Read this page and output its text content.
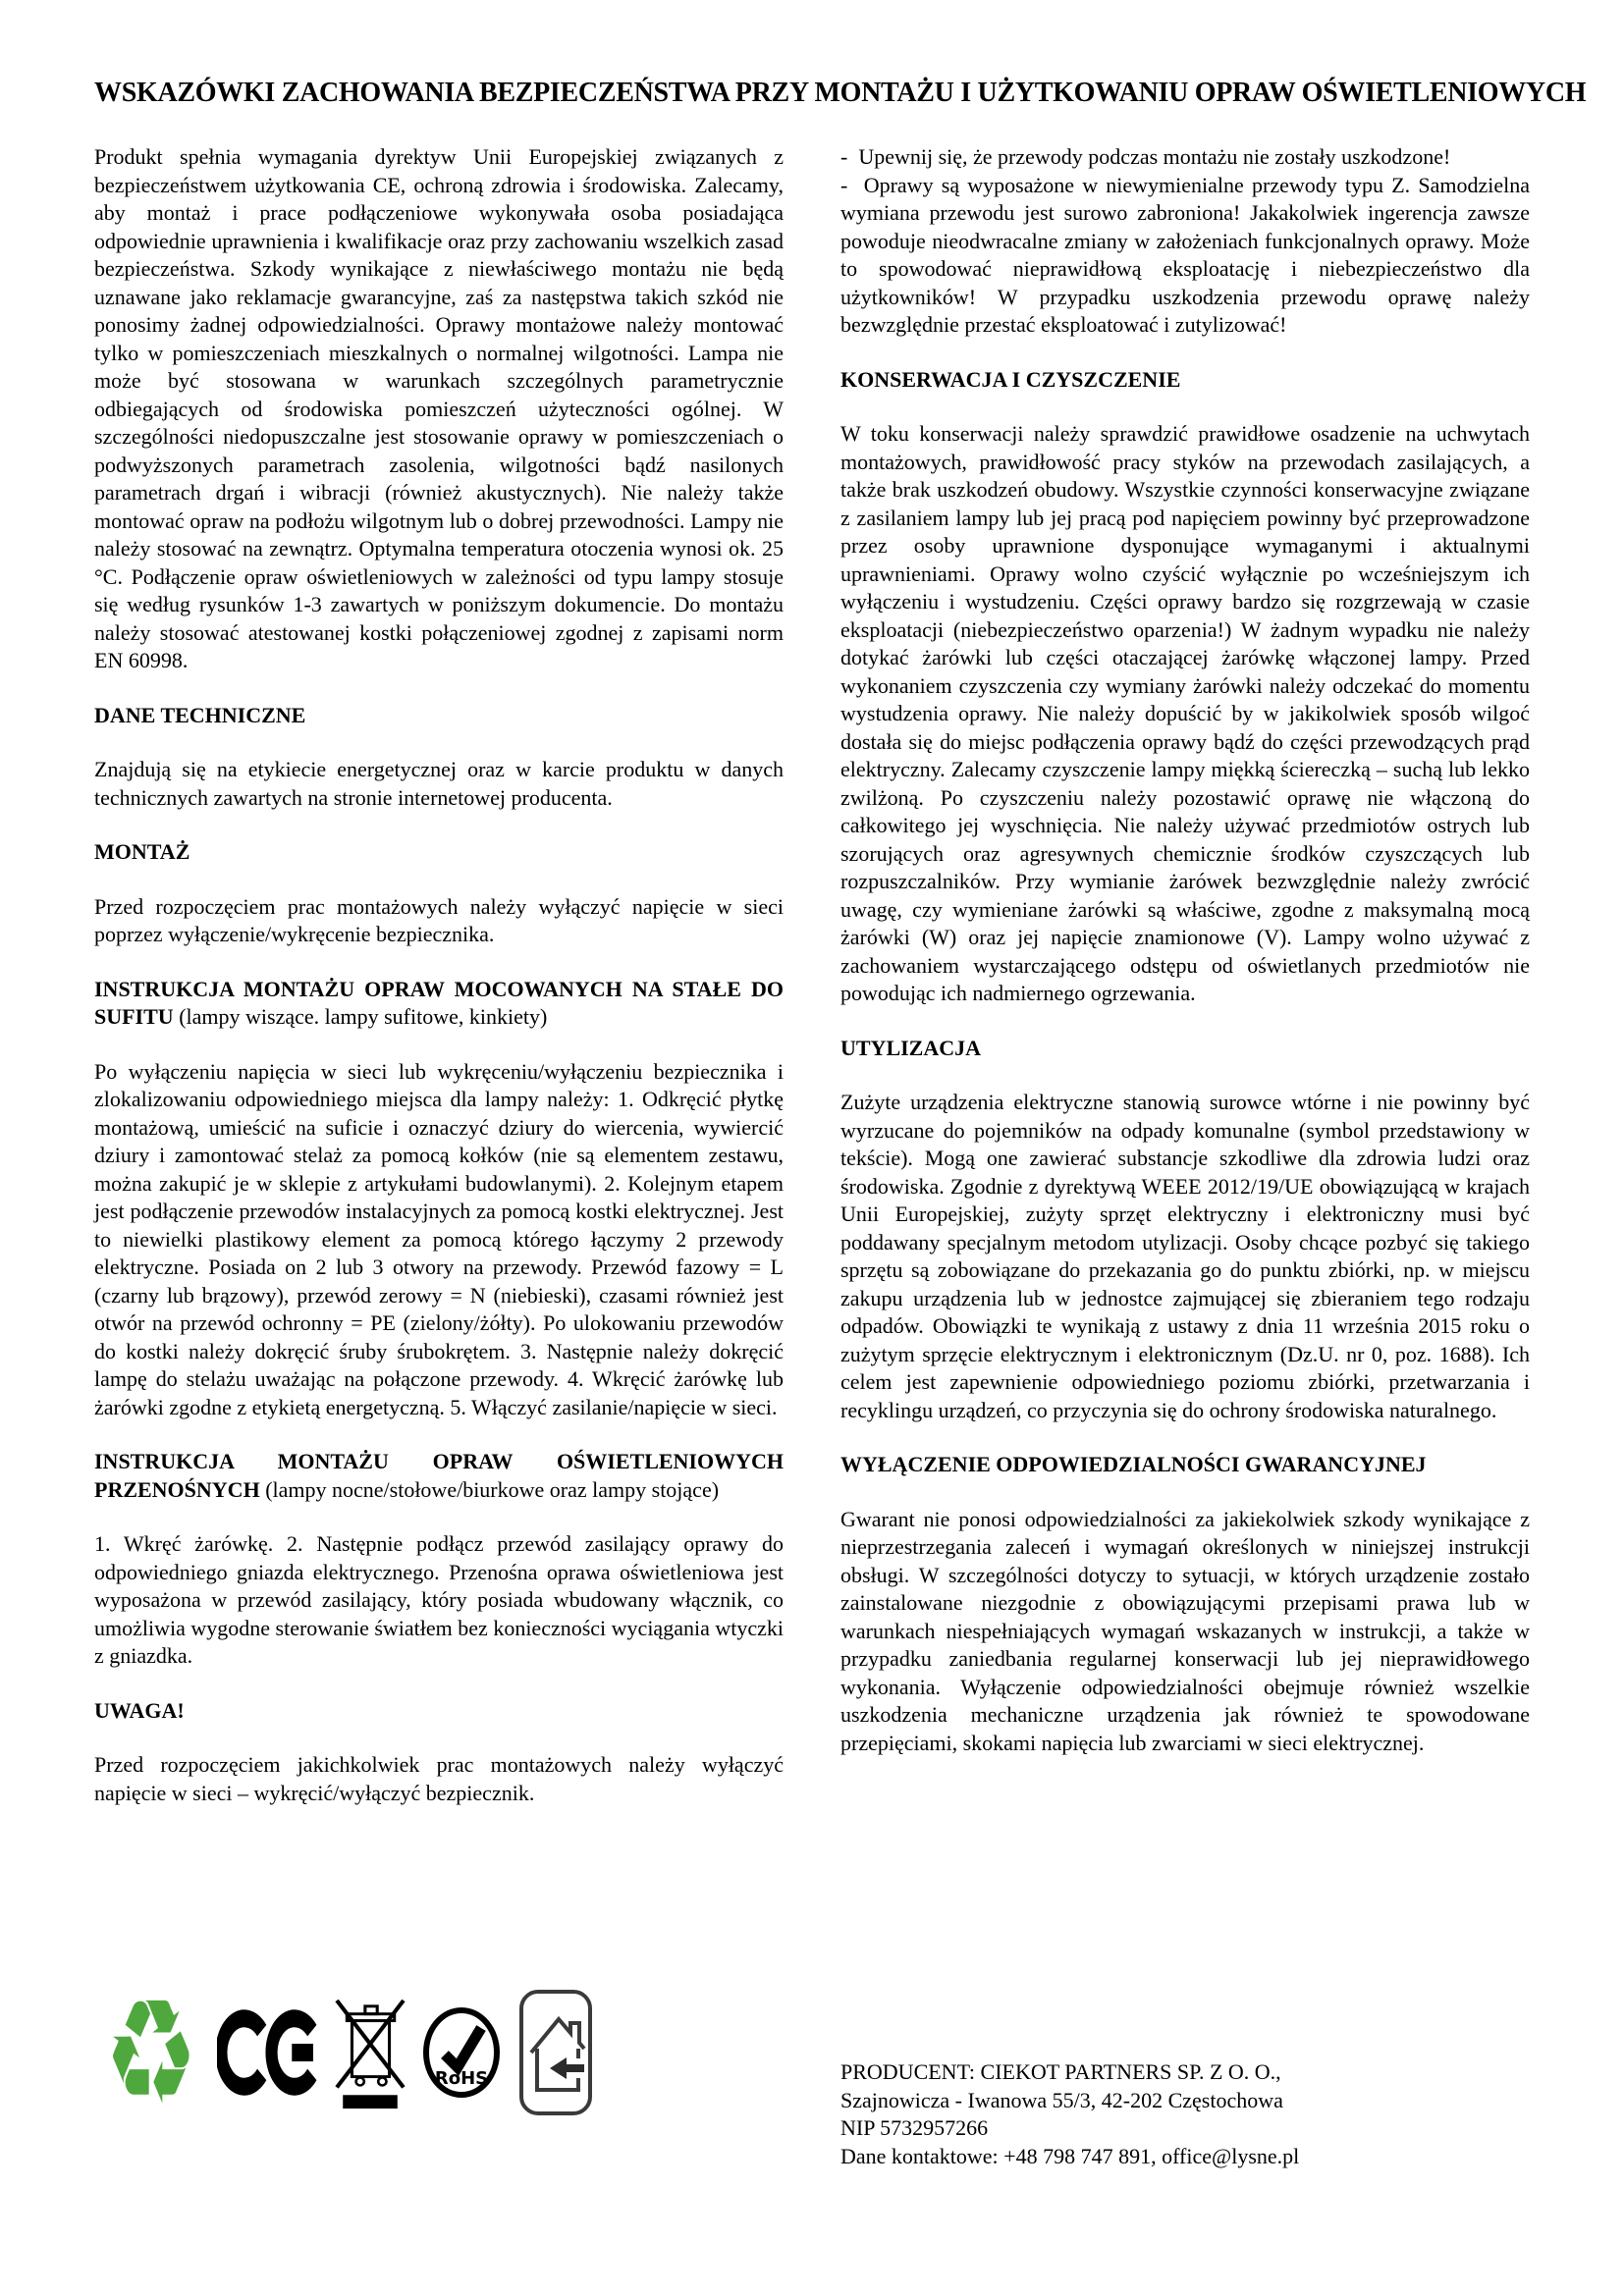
WSKAZÓWKI ZACHOWANIA BEZPIECZEŃSTWA PRZY MONTAŻU I UŻYTKOWANIU OPRAW OŚWIETLENIOWYCH

Produkt spełnia wymagania dyrektyw Unii Europejskiej związanych z bezpieczeństwem użytkowania CE, ochroną zdrowia i środowiska. Zalecamy, aby montaż i prace podłączeniowe wykonywała osoba posiadająca odpowiednie uprawnienia i kwalifikacje oraz przy zachowaniu wszelkich zasad bezpieczeństwa. Szkody wynikające z niewłaściwego montażu nie będą uznawane jako reklamacje gwarancyjne, zaś za następstwa takich szkód nie ponosimy żadnej odpowiedzialności. Oprawy montażowe należy montować tylko w pomieszczeniach mieszkalnych o normalnej wilgotności. Lampa nie może być stosowana w warunkach szczególnych parametrycznie odbiegających od środowiska pomieszczeń użyteczności ogólnej. W szczególności niedopuszczalne jest stosowanie oprawy w pomieszczeniach o podwyższonych parametrach zasolenia, wilgotności bądź nasilonych parametrach drgań i wibracji (również akustycznych). Nie należy także montować opraw na podłożu wilgotnym lub o dobrej przewodności. Lampy nie należy stosować na zewnątrz. Optymalna temperatura otoczenia wynosi ok. 25 °C. Podłączenie opraw oświetleniowych w zależności od typu lampy stosuje się według rysunków 1-3 zawartych w poniższym dokumencie. Do montażu należy stosować atestowanej kostki połączeniowej zgodnej z zapisami norm EN 60998.

DANE TECHNICZNE

Znajdują się na etykiecie energetycznej oraz w karcie produktu w danych technicznych zawartych na stronie internetowej producenta.

MONTAŻ

Przed rozpoczęciem prac montażowych należy wyłączyć napięcie w sieci poprzez wyłączenie/wykręcenie bezpiecznika.

INSTRUKCJA MONTAŻU OPRAW MOCOWANYCH NA STAŁE DO SUFITU (lampy wiszące. lampy sufitowe, kinkiety)

Po wyłączeniu napięcia w sieci lub wykręceniu/wyłączeniu bezpiecznika i zlokalizowaniu odpowiedniego miejsca dla lampy należy: 1. Odkręcić płytkę montażową, umieścić na suficie i oznaczyć dziury do wiercenia, wywiercić dziury i zamontować stelaż za pomocą kołków (nie są elementem zestawu, można zakupić je w sklepie z artykułami budowlanymi). 2. Kolejnym etapem jest podłączenie przewodów instalacyjnych za pomocą kostki elektrycznej. Jest to niewielki plastikowy element za pomocą którego łączymy 2 przewody elektryczne. Posiada on 2 lub 3 otwory na przewody. Przewód fazowy = L (czarny lub brązowy), przewód zerowy = N (niebieski), czasami również jest otwór na przewód ochronny = PE (zielony/żółty). Po ulokowaniu przewodów do kostki należy dokręcić śruby śrubokrętem. 3. Następnie należy dokręcić lampę do stelażu uważając na połączone przewody. 4. Wkręcić żarówkę lub żarówki zgodne z etykietą energetyczną. 5. Włączyć zasilanie/napięcie w sieci.

INSTRUKCJA MONTAŻU OPRAW OŚWIETLENIOWYCH PRZENOŚNYCH (lampy nocne/stołowe/biurkowe oraz lampy stojące)

1. Wkręć żarówkę. 2. Następnie podłącz przewód zasilający oprawy do odpowiedniego gniazda elektrycznego. Przenośna oprawa oświetleniowa jest wyposażona w przewód zasilający, który posiada wbudowany włącznik, co umożliwia wygodne sterowanie światłem bez konieczności wyciągania wtyczki z gniazdka.

UWAGA!

Przed rozpoczęciem jakichkolwiek prac montażowych należy wyłączyć napięcie w sieci – wykręcić/wyłączyć bezpiecznik.

♻	RoHS

-  Upewnij się, że przewody podczas montażu nie zostały uszkodzone!

-  Oprawy są wyposażone w niewymienialne przewody typu Z. Samodzielna wymiana przewodu jest surowo zabroniona! Jakakolwiek ingerencja zawsze powoduje nieodwracalne zmiany w założeniach funkcjonalnych oprawy. Może to spowodować nieprawidłową eksploatację i niebezpieczeństwo dla użytkowników! W przypadku uszkodzenia przewodu oprawę należy bezwzględnie przestać eksploatować i zutylizować!

KONSERWACJA I CZYSZCZENIE

W toku konserwacji należy sprawdzić prawidłowe osadzenie na uchwytach montażowych, prawidłowość pracy styków na przewodach zasilających, a także brak uszkodzeń obudowy. Wszystkie czynności konserwacyjne związane z zasilaniem lampy lub jej pracą pod napięciem powinny być przeprowadzone przez osoby uprawnione dysponujące wymaganymi i aktualnymi uprawnieniami. Oprawy wolno czyścić wyłącznie po wcześniejszym ich wyłączeniu i wystudzeniu. Części oprawy bardzo się rozgrzewają w czasie eksploatacji (niebezpieczeństwo oparzenia!) W żadnym wypadku nie należy dotykać żarówki lub części otaczającej żarówkę włączonej lampy. Przed wykonaniem czyszczenia czy wymiany żarówki należy odczekać do momentu wystudzenia oprawy. Nie należy dopuścić by w jakikolwiek sposób wilgoć dostała się do miejsc podłączenia oprawy bądź do części przewodzących prąd elektryczny. Zalecamy czyszczenie lampy miękką ściereczką – suchą lub lekko zwilżoną. Po czyszczeniu należy pozostawić oprawę nie włączoną do całkowitego jej wyschnięcia. Nie należy używać przedmiotów ostrych lub szorujących oraz agresywnych chemicznie środków czyszczących lub rozpuszczalników. Przy wymianie żarówek bezwzględnie należy zwrócić uwagę, czy wymieniane żarówki są właściwe, zgodne z maksymalną mocą żarówki (W) oraz jej napięcie znamionowe (V). Lampy wolno używać z zachowaniem wystarczającego odstępu od oświetlanych przedmiotów nie powodując ich nadmiernego ogrzewania.

UTYLIZACJA

Zużyte urządzenia elektryczne stanowią surowce wtórne i nie powinny być wyrzucane do pojemników na odpady komunalne (symbol przedstawiony w tekście). Mogą one zawierać substancje szkodliwe dla zdrowia ludzi oraz środowiska. Zgodnie z dyrektywą WEEE 2012/19/UE obowiązującą w krajach Unii Europejskiej, zużyty sprzęt elektryczny i elektroniczny musi być poddawany specjalnym metodom utylizacji. Osoby chcące pozbyć się takiego sprzętu są zobowiązane do przekazania go do punktu zbiórki, np. w miejscu zakupu urządzenia lub w jednostce zajmującej się zbieraniem tego rodzaju odpadów. Obowiązki te wynikają z ustawy z dnia 11 września 2015 roku o zużytym sprzęcie elektrycznym i elektronicznym (Dz.U. nr 0, poz. 1688). Ich celem jest zapewnienie odpowiedniego poziomu zbiórki, przetwarzania i recyklingu urządzeń, co przyczynia się do ochrony środowiska naturalnego.

WYŁĄCZENIE ODPOWIEDZIALNOŚCI GWARANCYJNEJ

Gwarant nie ponosi odpowiedzialności za jakiekolwiek szkody wynikające z nieprzestrzegania zaleceń i wymagań określonych w niniejszej instrukcji obsługi. W szczególności dotyczy to sytuacji, w których urządzenie zostało zainstalowane niezgodnie z obowiązującymi przepisami prawa lub w warunkach niespełniających wymagań wskazanych w instrukcji, a także w przypadku zaniedbania regularnej konserwacji lub jej nieprawidłowego wykonania. Wyłączenie odpowiedzialności obejmuje również wszelkie uszkodzenia mechaniczne urządzenia jak również te spowodowane przepięciami, skokami napięcia lub zwarciami w sieci elektrycznej.

PRODUCENT: CIEKOT PARTNERS SP. Z O. O.,
Szajnowicza - Iwanowa 55/3, 42-202 Częstochowa
NIP 5732957266
Dane kontaktowe: +48 798 747 891, office@lysne.pl
